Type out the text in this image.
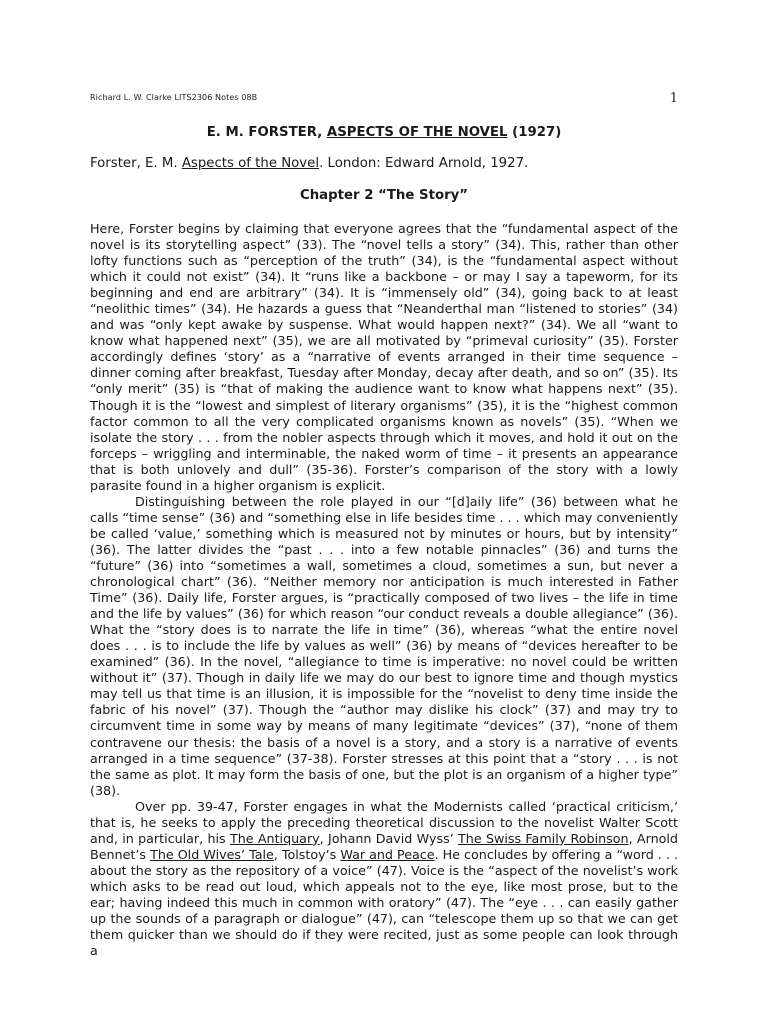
Richard L. W. Clarke LITS2306 Notes 08B	1
E. M. FORSTER, ASPECTS OF THE NOVEL (1927)
Forster, E. M. Aspects of the Novel. London: Edward Arnold, 1927.
Chapter 2 “The Story”

Here, Forster begins by claiming that everyone agrees that the “fundamental aspect of the novel is its storytelling aspect” (33). The “novel tells a story” (34). This, rather than other lofty functions such as “perception of the truth” (34), is the “fundamental aspect without which it could not exist” (34). It “runs like a backbone – or may I say a tapeworm, for its beginning and end are arbitrary” (34). It is “immensely old” (34), going back to at least “neolithic times” (34). He hazards a guess that “Neanderthal man “listened to stories” (34) and was “only kept awake by suspense. What would happen next?” (34). We all “want to know what happened next” (35), we are all motivated by “primeval curiosity” (35). Forster accordingly defines ‘story’ as a “narrative of events arranged in their time sequence – dinner coming after breakfast, Tuesday after Monday, decay after death, and so on” (35). Its “only merit” (35) is “that of making the audience want to know what happens next” (35). Though it is the “lowest and simplest of literary organisms” (35), it is the “highest common factor common to all the very complicated organisms known as novels” (35). “When we isolate the story . . . from the nobler aspects through which it moves, and hold it out on the forceps – wriggling and interminable, the naked worm of time – it presents an appearance that is both unlovely and dull” (35-36). Forster’s comparison of the story with a lowly parasite found in a higher organism is explicit.

Distinguishing between the role played in our “[d]aily life” (36) between what he calls “time sense” (36) and “something else in life besides time . . . which may conveniently be called ‘value,’ something which is measured not by minutes or hours, but by intensity” (36). The latter divides the “past . . . into a few notable pinnacles” (36) and turns the “future” (36) into “sometimes a wall, sometimes a cloud, sometimes a sun, but never a chronological chart” (36). “Neither memory nor anticipation is much interested in Father Time” (36). Daily life, Forster argues, is “practically composed of two lives – the life in time and the life by values” (36) for which reason “our conduct reveals a double allegiance” (36). What the “story does is to narrate the life in time” (36), whereas “what the entire novel does . . . is to include the life by values as well” (36) by means of “devices hereafter to be examined” (36). In the novel, “allegiance to time is imperative: no novel could be written without it” (37). Though in daily life we may do our best to ignore time and though mystics may tell us that time is an illusion, it is impossible for the “novelist to deny time inside the fabric of his novel” (37). Though the “author may dislike his clock” (37) and may try to circumvent time in some way by means of many legitimate “devices” (37), “none of them contravene our thesis: the basis of a novel is a story, and a story is a narrative of events arranged in a time sequence” (37-38). Forster stresses at this point that a “story . . . is not the same as plot. It may form the basis of one, but the plot is an organism of a higher type” (38).

Over pp. 39-47, Forster engages in what the Modernists called ‘practical criticism,’ that is, he seeks to apply the preceding theoretical discussion to the novelist Walter Scott and, in particular, his The Antiquary, Johann David Wyss’ The Swiss Family Robinson, Arnold Bennet’s The Old Wives’ Tale, Tolstoy’s War and Peace. He concludes by offering a “word . . . about the story as the repository of a voice” (47). Voice is the “aspect of the novelist’s work which asks to be read out loud, which appeals not to the eye, like most prose, but to the ear; having indeed this much in common with oratory” (47). The “eye . . . can easily gather up the sounds of a paragraph or dialogue” (47), can “telescope them up so that we can get them quicker than we should do if they were recited, just as some people can look through a
